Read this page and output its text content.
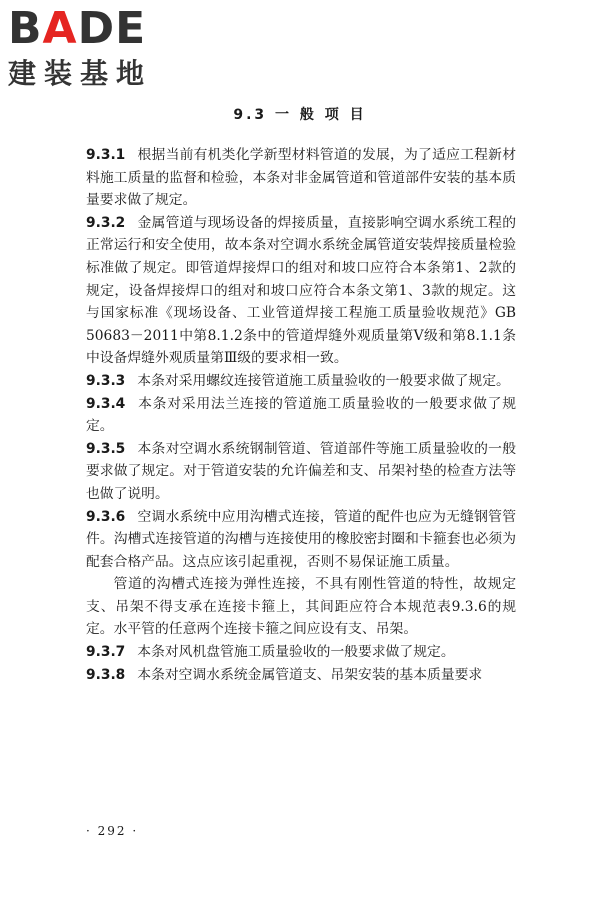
BADE
建装基地
9.3 一 般 项 目

9.3.1 根据当前有机类化学新型材料管道的发展，为了适应工程新材料施工质量的监督和检验，本条对非金属管道和管道部件安装的基本质量要求做了规定。

9.3.2 金属管道与现场设备的焊接质量，直接影响空调水系统工程的正常运行和安全使用，故本条对空调水系统金属管道安装焊接质量检验标准做了规定。即管道焊接焊口的组对和坡口应符合本条第1、2款的规定，设备焊接焊口的组对和坡口应符合本条文第1、3款的规定。这与国家标准《现场设备、工业管道焊接工程施工质量验收规范》GB 50683－2011中第8.1.2条中的管道焊缝外观质量第Ⅴ级和第8.1.1条中设备焊缝外观质量第Ⅲ级的要求相一致。

9.3.3 本条对采用螺纹连接管道施工质量验收的一般要求做了规定。

9.3.4 本条对采用法兰连接的管道施工质量验收的一般要求做了规定。

9.3.5 本条对空调水系统钢制管道、管道部件等施工质量验收的一般要求做了规定。对于管道安装的允许偏差和支、吊架衬垫的检查方法等也做了说明。

9.3.6 空调水系统中应用沟槽式连接，管道的配件也应为无缝钢管管件。沟槽式连接管道的沟槽与连接使用的橡胶密封圈和卡箍套也必须为配套合格产品。这点应该引起重视，否则不易保证施工质量。

管道的沟槽式连接为弹性连接，不具有刚性管道的特性，故规定支、吊架不得支承在连接卡箍上，其间距应符合本规范表9.3.6的规定。水平管的任意两个连接卡箍之间应设有支、吊架。

9.3.7 本条对风机盘管施工质量验收的一般要求做了规定。

9.3.8 本条对空调水系统金属管道支、吊架安装的基本质量要求

· 292 ·
